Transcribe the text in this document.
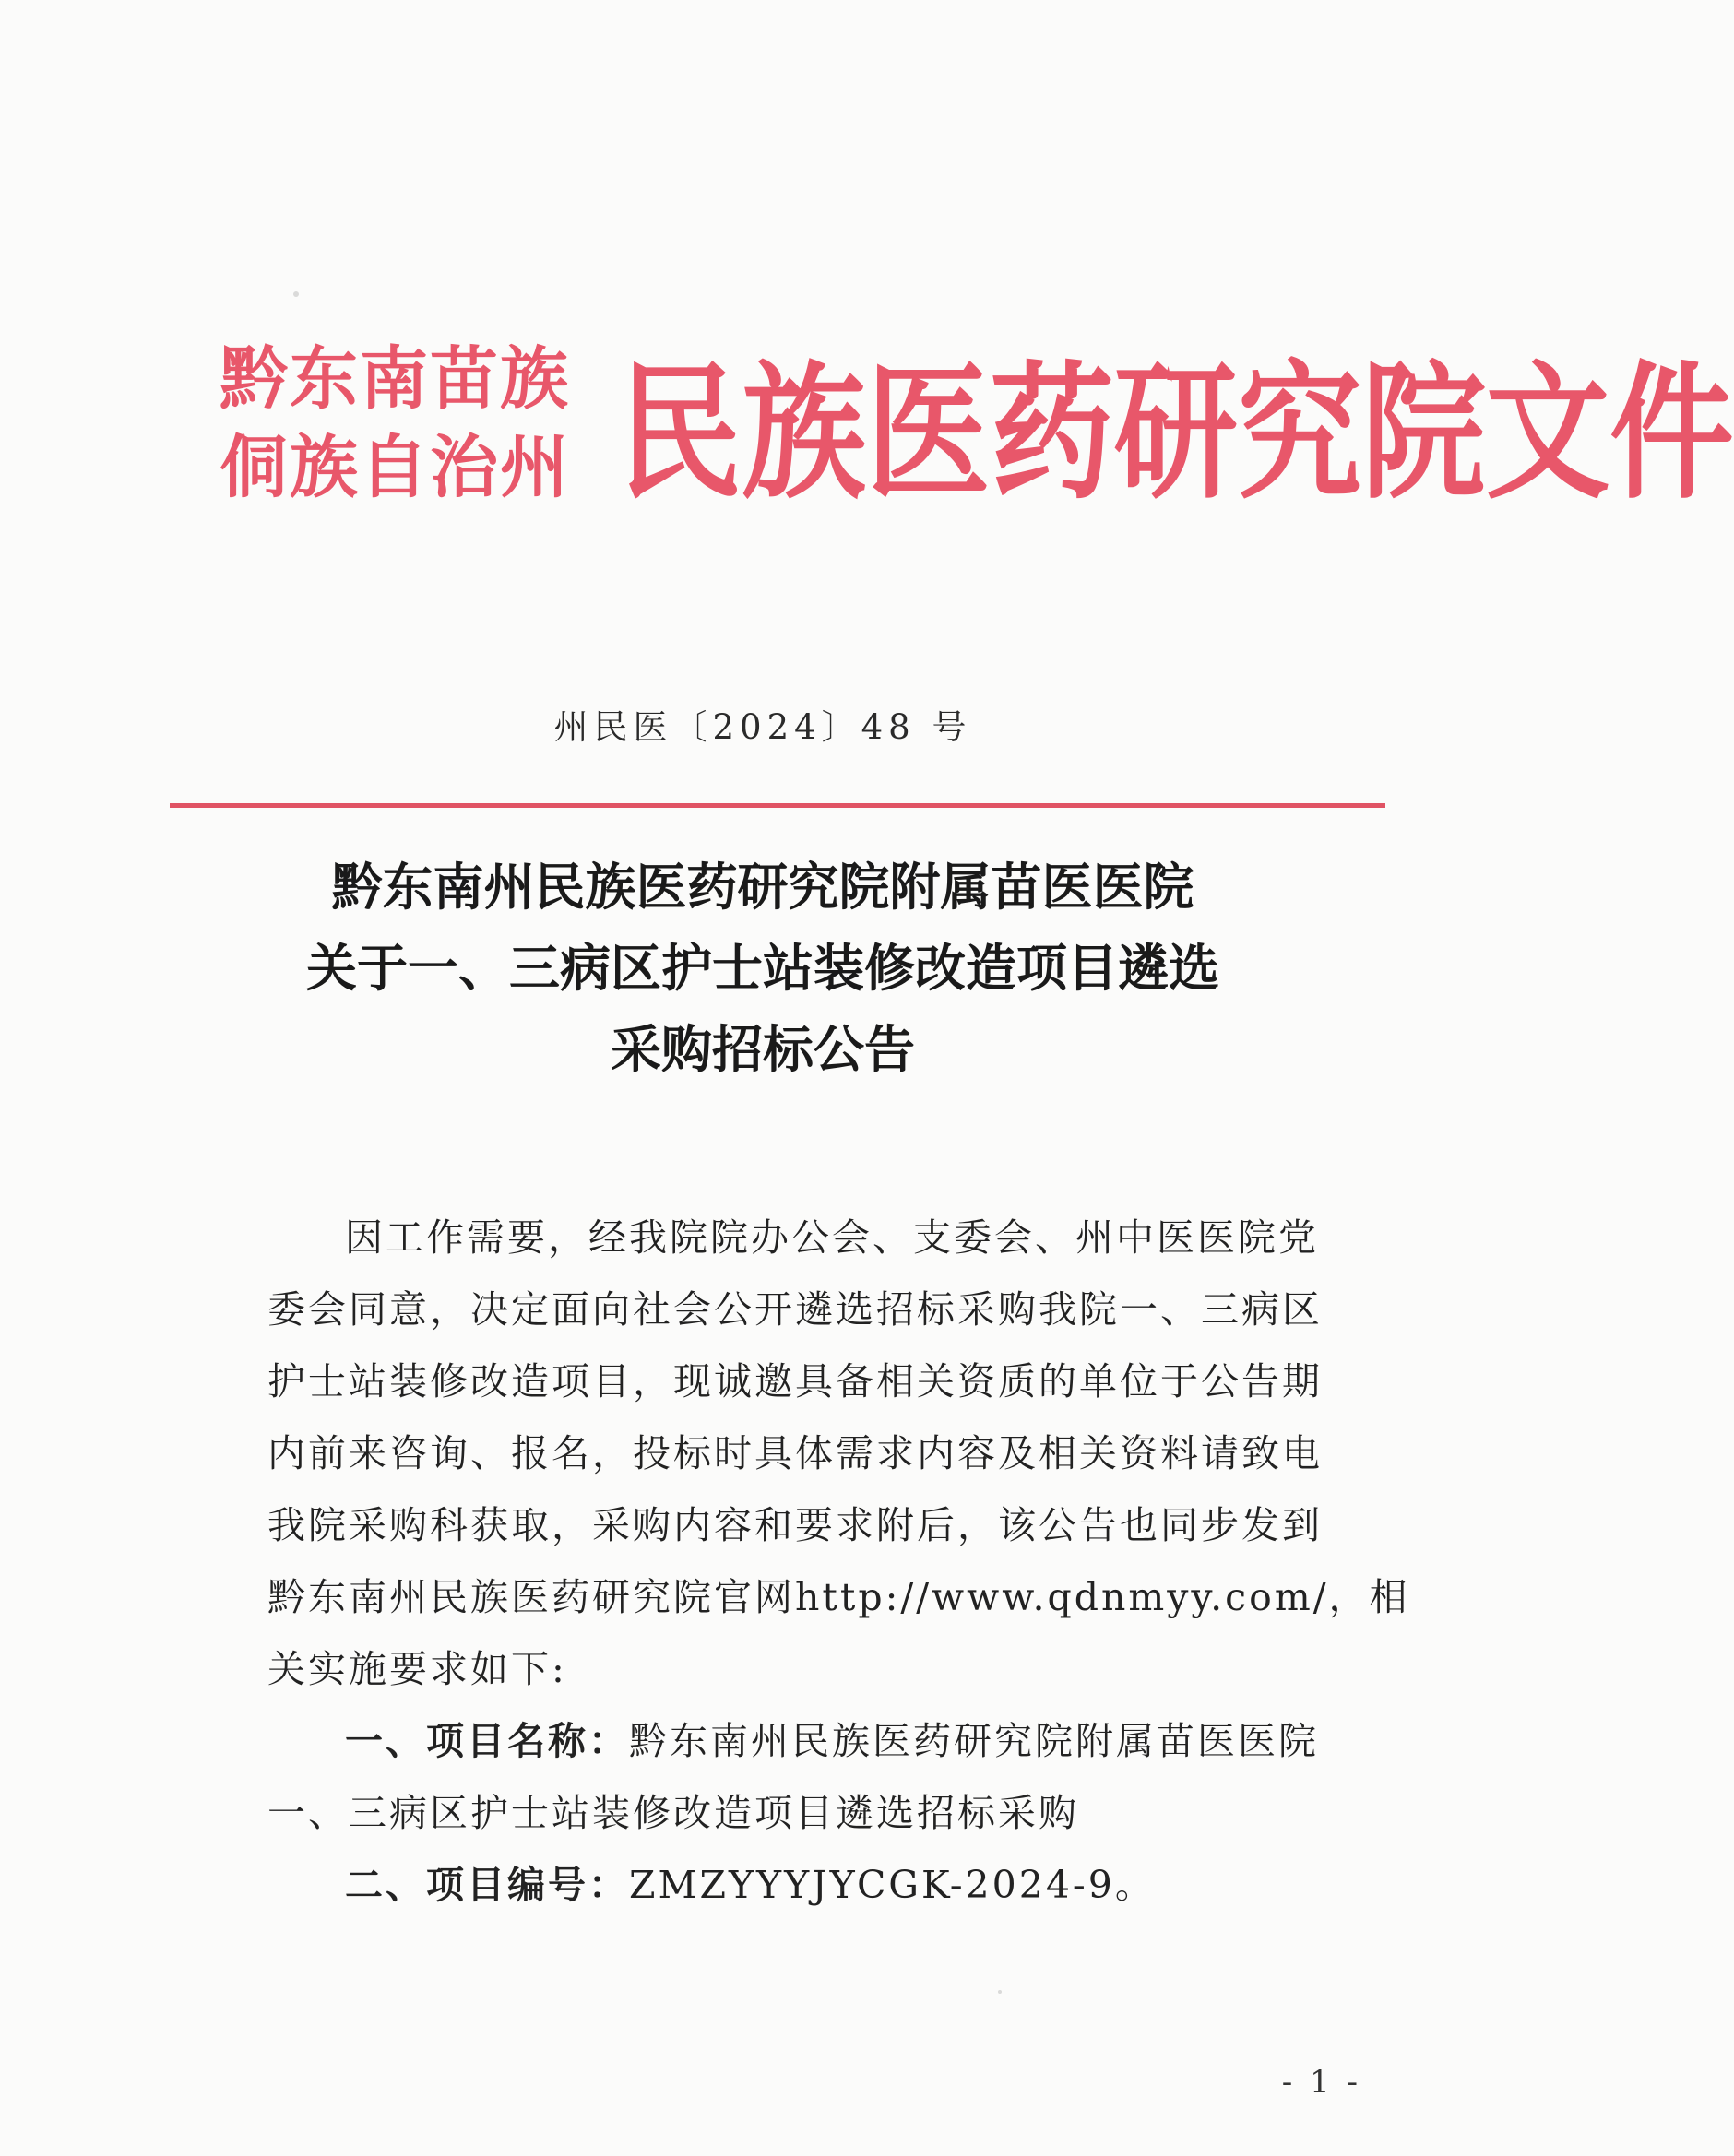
黔东南苗族
侗族自治州 民族医药研究院文件
州民医〔2024〕48 号
黔东南州民族医药研究院附属苗医医院
关于一、三病区护士站装修改造项目遴选
采购招标公告
因工作需要，经我院院办公会、支委会、州中医医院党
委会同意，决定面向社会公开遴选招标采购我院一、三病区
护士站装修改造项目，现诚邀具备相关资质的单位于公告期
内前来咨询、报名，投标时具体需求内容及相关资料请致电
我院采购科获取，采购内容和要求附后，该公告也同步发到
黔东南州民族医药研究院官网http://www.qdnmyy.com/，相
关实施要求如下:
一、项目名称：黔东南州民族医药研究院附属苗医医院
一、三病区护士站装修改造项目遴选招标采购
二、项目编号：ZMZYYYJYCGK-2024-9。
- 1 -
